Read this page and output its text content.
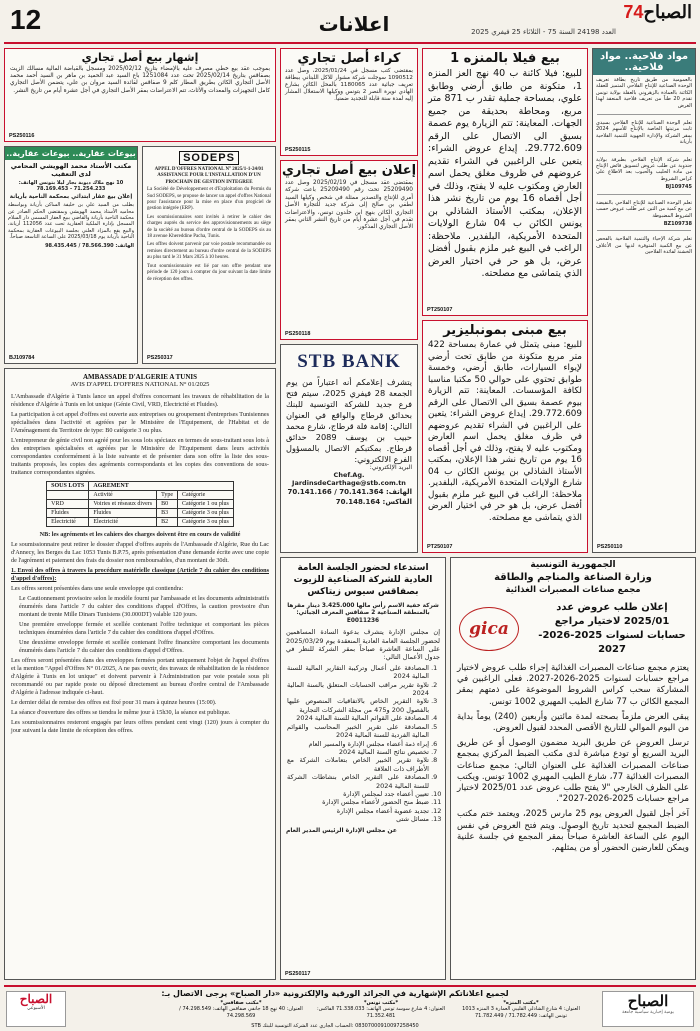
12	اعلانات	الصباح74
العدد 24198 السنة 75 - الثلاثاء 25 فيفري 2025
مواد فلاحية.. مواد فلاحية..
بالعمومية من طريق تاريخ بطاقة تعريف الوحدة الصناعية للإنتاج الفلاحي المتميز للعقلة الكائنة بالعمادة بالزهروني بالعقلة بولاية تونس تقدم 20 طناً من تعريف فلاحية المنعقد لهذا الغرض
تعلم الوحدة الصناعية للإنتاج الفلاحي بسيدي ثابت مرتبتها الخاصة بالإنتاج للأسهم 2024 بمقر الشركة والإدارة الجهوية للتنمية الفلاحية بأريانة
تعلم شركة الإنتاج الفلاحي بطبرقة بولاية جندوبة عن طلب عروض لتسويق فائض الإنتاج من مادة الحليب والحبوب بعد الاطلاع على كراس الشروط
BJ109745
تعلم الوحدة الصناعية للإنتاج الفلاحي بالنفيضة عن بيع كمية من التبن عبر طلب عروض حسب الشروط المضبوطة
BZ109738
تعلم شركة الإحياء والتنمية الفلاحية بالفحص عن بيع الكمية المتوفرة لديها من الأعلاف الخشنة لفائدة الفلاحين
PS250110
بيع فيلا بالمنزه 1
للبيع: فيلا كائنة ب 40 نهج العز المنزه 1، متكونة من طابق أرضي وطابق علوي، بمساحة جملية تقدر ب 871 متر مربع، ومحاطة بحديقة من جميع الجهات. المعاينة: تتم الزيارة يوم عصمة بسيق الى الاتصال على الرقم 29.772.609. إيداع عروض الشراء: يتعين على الراغبين في الشراء تقديم عروضهم في ظروف مغلق يحمل اسم العارض ومكتوب عليه لا يفتح، وذلك في أجل أقصاه 16 يوم من تاريخ نشر هذا الإعلان، بمكتب الأستاذ الشاذلي بن يونس الكائن ب 04 شارع الولايات المتحدة الأمريكية، البلفدير. ملاحظة: الراغب في البيع غير ملزم بقبول أفضل عرض، بل هو حر في اختيار العرض الذي يتماشى مع مصلحته.
PT250107
بيع مبنى بمونبليزير
للبيع: مبنى يتمثل في عمارة بمساحة 422 متر مربع متكونة من طابق تحت أرضي لإيواء السيارات، طابق أرضي، وخمسة طوابق تحتوي على حوالي 50 مكتبا مناسبا لكافة المؤسسات. المعاينة: تتم الزيارة بيوم عصمة بسيق الى الاتصال على الرقم 29.772.609. إيداع عروض الشراء: يتعين على الراغبين في الشراء تقديم عروضهم في ظرف مغلق يحمل اسم العارض ومكتوب عليه لا يفتح، وذلك في أجل أقصاه 16 يوم من تاريخ نشر هذا الإعلان، بمكتب الأستاذ الشاذلي بن يونس الكائن ب 04 شارع الولايات المتحدة الأمريكية، البلفدير. ملاحظة: الراغب في البيع غير ملزم بقبول أفضل عرض، بل هو حر في اختيار العرض الذي يتماشى مع مصلحته.
PT250107
كراء أصل تجاري
بمقتضى كتب مسجل في 2025/01/24، وصل عدد 1090512 سوجلت شركة مشوار للاكل اللبناني ببطاقة تعريف جبائية عدد 1180065 بالمحل الكائن بشارع الهادي نويرة النصر 2 بتونس ووكيلها الاستغلال المشار إليه لمدة سنة قابلة للتجديد ضمنياً.
PS250115
إعلان بيع أصل تجاري
بمقتضى عقد مسجل في 2025/02/19 وصل عدد 25209490 تحت رقم 25209490 باعت شركة أمري للإنتاج والتصدير ممثلة في شخص وكيلها السيد لطفي بن صالح إلى شركة جديد للتجارة الأصل التجاري الكائن بنهج ابن خلدون تونس، والاعتراضات تقدم في أجل عشرة أيام من تاريخ النشر الثاني بمقر الأصل التجاري المذكور.
PS250118
STB BANK
يتشرف إعلامكم أنه اعتباراً من يوم الجمعة 28 فيفري 2025، سيتم فتح فرع جديد للشركة التونسية للبنك بحدائق قرطاج والواقع في العنوان التالي: إقامة فلة قرطاج، شارع محمد حبيب بن يوسف 2089 حدائق قرطاج. بمكتبكم الاتصال بالمسؤول الفرع الالكتروني:
البريد الإلكتروني:
Chef.Ag. JardinsdeCarthage@stb.com.tn
الهاتف: 70.141.364 / 70.141.166
الفاكس: 70.148.164
SODEPS
APPEL D'OFFRES NATIONAL N° 2025/1-1-24/01
ASSISTANCE POUR L'INSTALLATION D'UN PROCHAIN DE GESTION INTEGREE
La Société de Développement et d'Exploitation du Permis du Sud SODEPS, se propose de lancer un appel d'offres National pour l'assistance pour la mise en place d'un progiciel de gestion intégrée (ERP).
Les soumissionnaires sont invités à retirer le cahier des charges auprès du service des approvisionnements au siège de la société au bureau d'ordre central de la SODEPS sis au 18 avenue Khereddine Pacha, Tunis.
Les offres doivent parvenir par voie postale recommandée ou remises directement au bureau d'ordre central de la SODEPS au plus tard le 31 Mars 2025 à 10 heures.
Tout soumissionnaire est lié par son offre pendant une période de 120 jours à compter du jour suivant la date limite de réception des offres.
PS250317
إشهار بيع أصل تجاري
بموجب عقد بيع خطي مصرف عليه بالإمضاء بتاريخ 2025/02/12 ومسجل بالقباضة المالية مسالك الزيت بصفاقس بتاريخ 2025/02/14 تحت عدد 1251084 باع السيد عبد الحميد بن ماهر بن السيد أحمد محمد الأصل التجاري الكائن بطريق المطار كلم 9 صفاقس لفائدة السيد مروان بن علي، يتضمن الأصل التجاري كامل التجهيزات والمعدات والأثاث، تتم الاعتراضات بمقر الأصل التجاري في أجل عشرة أيام من تاريخ النشر.
PS250116
بيوعات عقارية.. بيوعات عقارية..
مكتب الأستاذ محمد الهويشي المحامي لدى التعقيب
10 نهج ملاك ديوبة بجار ليلا بتونس الهاتف: 71.254.233 - 78.169.453
إعلان بيع عقار ابتدائي بمحكمة الناحية بأريانة
بطلب من السيد علي بن خليفة الساكن بأريانة وبواسطة محاميه الأستاذ محمد الهويشي وبمقتضى الحكم الصادر عن محكمة الناحية بأريانة والقاضي ببيع العقار المسمى دار السلام المسجل بإدارة الملكية العقارية تحت عدد 112056 أريانة، والبيع يقع بالمزاد العلني بجلسة البيوعات العقارية بمحكمة الناحية بأريانة يوم 2025/03/18 على الساعة التاسعة صباحاً.
الهاتف: 78.566.390 / 98.435.445
BJ109784
AMBASSADE D'ALGERIE A TUNIS
AVIS D'APPEL D'OFFRES NATIONAL N° 01/2025
L'Ambassade d'Algérie à Tunis lance un appel d'offres concernant les travaux de réhabilitation de la résidence d'Algérie à Tunis en lot unique (Génie Civil, VRD, Electricité et Fluides).
La participation à cet appel d'offres est ouverte aux entreprises ou groupement d'entreprises Tunisiennes spécialisées dans l'activité et agréées par le Ministère de l'Equipement, de l'Habitat et de l'Aménagement du Territoire de type: B0 catégorie 3 ou plus.
L'entrepreneur de génie civil non agréé pour les sous lots spéciaux en termes de sous-traitant sous lots à des entreprises spécialisées et agréées par le Ministère de l'Equipement dans leurs activités correspondantes conformément à la liste suivante et de présenter dans son offre la liste des sous-traitants proposés, les copies des agréments correspondants et les copies des conventions de sous-traitance correspondantes signées.
SOUS LOTS	AGREMENT		
	Activité	Type	Catégorie
VRD	Voiries et réseaux divers	B0	Catégorie 1 ou plus
Fluides	Fluides	B3	Catégorie 3 ou plus
Electricité	Electricité	B2	Catégorie 3 ou plus
NB: les agréments et les cahiers des charges doivent être en cours de validité
Le soumissionnaire peut retirer le dossier d'appel d'offres auprès de l'Ambassade d'Algérie, Rue du Lac d'Annecy, les Berges du Lac 1053 Tunis B.P.75, après présentation d'une demande écrite avec une copie de l'agrément et paiement des frais du dossier non remboursables, d'un montant de 30dt.
1. Envoi des offres à travers la procédure matérielle classique (Article 7 du cahier des conditions d'appel d'offres):
Les offres seront présentées dans une seule enveloppe qui contiendra:
Le Cautionnement provisoire selon le modèle fourni par l'ambassade et les documents administratifs énumérés dans l'article 7 du cahier des conditions d'appel d'Offres, la caution provisoire d'un montant de trente Mille Dinars Tunisiens (30.000DT) valable 120 jours.
Une première enveloppe fermée et scellée contenant l'offre technique et comportant les pièces techniques énumérées dans l'article 7 du cahier des conditions d'appel d'Offres.
Une deuxième enveloppe fermée et scellée contenant l'offre financière comportant les documents énumérés dans l'article 7 du cahier des conditions d'appel d'Offres.
Les offres seront présentées dans des enveloppes fermées portant uniquement l'objet de l'appel d'offres et la mention "Appel d'Offres N° 01/2025, A ne pas ouvrir, des travaux de réhabilitation de la résidence d'Algérie à Tunis en lot unique" et doivent parvenir à l'Administration par voie postale sous pli recommandé ou par rapide poste ou déposé directement au bureau d'ordre central de l'Ambassade d'Algérie à l'adresse indiquée ci-haut.
Le dernier délai de remise des offres est fixé pour 31 mars à quinze heures (15:00).
La séance d'ouverture des offres se tiendra le même jour à 15h30, la séance est publique.
Les soumissionnaires resteront engagés par leurs offres pendant cent vingt (120) jours à compter du jour suivant la date limite de réception des offres.
استدعاء لحضور الجلسة العامة العادية للشركة الصناعية للزيوت بصفاقس سيوس زيتاكس
شركة خفية الاسم رأس مالها 3.425.000 دينار مقرها بالمنطقة الصناعية 2 صفاقس المعرف الجبائي: E0011236
إن مجلس الإدارة يتشرف بدعوة السادة المساهمين لحضور الجلسة العامة العادية المنعقدة يوم 2025/03/29 على الساعة العاشرة صباحاً بمقر الشركة للنظر في جدول الأعمال التالي:
1. المصادقة على أعمال وتركيبة التقارير المالية للسنة المالية 2024
2. تلاوة تقرير مراقب الحسابات المتعلق بالسنة المالية 2024
3. تلاوة التقرير الخاص بالاتفاقيات المنصوص عليها بالفصول 200 و475 من مجلة الشركات التجارية
4. المصادقة على القوائم المالية للسنة المالية 2024
5. المصادقة على تقرير الخبير المحاسب والقوائم المالية الفردية للسنة المالية 2024
6. إبراء ذمة أعضاء مجلس الإدارة والمسير العام
7. تخصيص نتائج السنة المالية 2024
8. تلاوة تقرير الخبير الخاص بتعاملات الشركة مع الأطراف ذات العلاقة
9. المصادقة على التقرير الخاص بنشاطات الشركة للسنة المالية 2024
10. تعيين أعضاء جدد لمجلس الإدارة
11. ضبط منح الحضور لأعضاء مجلس الإدارة
12. تجديد عضوية أعضاء مجلس الإدارة
13. مسائل شتى
عن مجلس الإدارة الرئيس المدير العام
PS250117
الجمهورية التونسية
وزارة الصناعة والمناجم والطاقة
مجمع صناعات المصبرات الغذائية
gica
إعلان طلب عروض عدد 2025/01 لاختيار مراجع حسابات لسنوات 2025-2026-2027
يعتزم مجمع صناعات المصبرات الغذائية إجراء طلب عروض لاختيار مراجع حسابات لسنوات 2025-2026-2027. فعلى الراغبين في المشاركة سحب كراس الشروط الموضوعة على ذمتهم بمقر المجمع الكائن ب 77 شارع الطيب المهيري 1002 تونس.
يبقى العرض ملزماً بصحته لمدة مائتين وأربعين (240) يوماً بداية من اليوم الموالي للتاريخ الأقصى المحدد لقبول العروض.
ترسل العروض عن طريق البريد مضمون الوصول أو عن طريق البريد السريع أو تودع مباشرة لدى مكتب الضبط المركزي بمجمع صناعات المصبرات الغذائية على العنوان التالي: مجمع صناعات المصبرات الغذائية 77، شارع الطيب المهيري 1002 تونس. ويكتب على الظرف الخارجي "لا يفتح طلب عروض عدد 2025/01 لاختيار مراجع حسابات 2025-2026-2027".
آخر أجل لقبول العروض يوم 25 مارس 2025، ويعتمد ختم مكتب الضبط المجمع لتحديد تاريخ الوصول. ويتم فتح العروض في نفس اليوم على الساعة العاشرة صباحاً بمقر المجمع في جلسة علنية ويمكن للعارضين الحضور أو من يمثلهم.
الصباح
يومية إخبارية سياسية جامعة
الصباح
الأسبوعي
لجميع اعلاناتكم الإشهارية في الجرائد الورقية والإلكترونية «دار الصباح» يرجى الاتصال بـ:
*مكتب المنزه*
العنوان: 4 شارع الشاذلي القليبي العمارة 3 المنزه 1013 تونس الهاتف: 71.782.449 / 71.782.449
*مكتب تونس*
العنوان: 4 شارع سوسة تونس الهاتف: 71.338.033 الفاكس: 71.352.481
*مكتب صفاقس*
العنوان: 40 نهج 18 جانفي صفاقس الهاتف: 74.298.549 / 74.298.569
08307000910097258450 :الحساب الجاري عدد الشركة التونسية للبنك STB
